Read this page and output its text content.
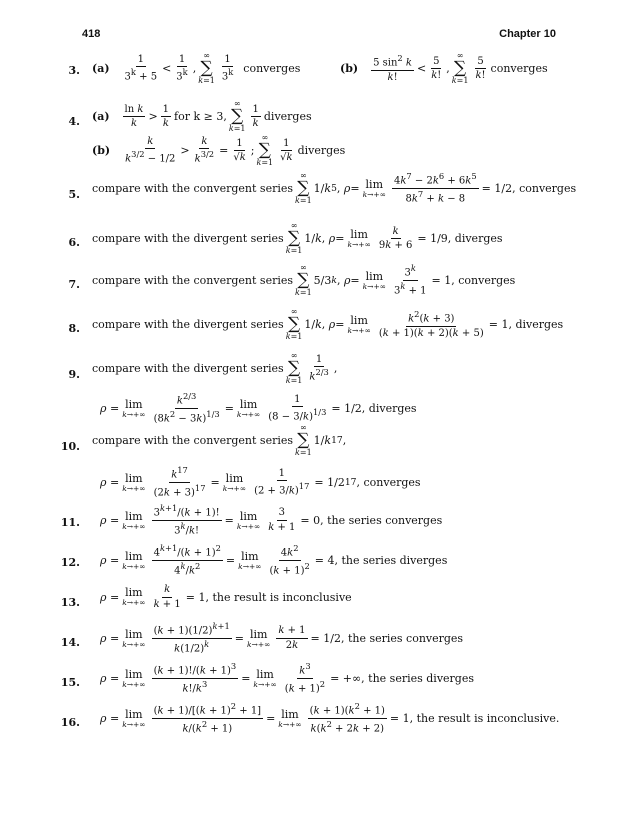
418	Chapter 10
3. $(a) \frac{1}{3^k + 5} < \frac{1}{3^k}$ ,
∞
∑
$k=1 \frac{1}{3^k}$ converges	$(b) \frac{5 \sin^2 k}{k!} < \frac{5}{k!}$ ,
∞
∑
$k=1 \frac{5}{k!}$ converges
4. $(a) \frac{\text{ln k}}{k} > \frac{1}{k}$ for k ≥ 3,
∞
∑
$k=1 \frac{1}{k}$ diverges
$(b) \frac{k}{k^{3/2} - 1/2} > \frac{k}{k^{3/2}} = \frac{1}{√k}$ ;
∞
∑
$k=1 \frac{1}{√k}$ diverges
5. compare with the convergent series
∞
∑
k=1
1/ k 5 , ρ = lim
$k\to+\infty \frac{4k^7 - 2k^6 + 6k^5}{8k^7 + k - 8} = 1/2$, converges
6. compare with the divergent series
∞
∑
k=1
1/ k , ρ = lim
$k\to+\infty \frac{k}{9k + 6} = 1/9$, diverges
7. compare with the convergent series
∞
∑
k=1
5/3 k , ρ = lim
$k\to+\infty \frac{3^k}{3^k + 1} = 1$, converges
8. compare with the divergent series
∞
∑
k=1
1/ k , ρ = lim
$k\to+\infty \frac{k^2(k + 3)}{(k + 1)(k + 2)(k + 5)} = 1$, diverges
9. compare with the divergent series
∞
∑
$k=1 \frac{1}{k^{2/3}}$ ,
ρ = lim
$k\to+\infty \frac{k^{2/3}}{(8k^2 - 3k)^{1/3}} = \lim$
$k\to+\infty \frac{1}{(8 - 3/k)^{1/3}} = 1/2$, diverges
10. compare with the convergent series
∞
∑
k=1
1/ k 17 ,
ρ = lim
$k\to+\infty \frac{k^{17}}{(2k + 3)^{17}} = \lim$
$k\to+\infty \frac{1}{(2 + 3/k)^{17}} = 1/2$ 17 , converges
11. ρ = lim
$k\to+\infty \frac{3^{k+1}/(k + 1)!}{3^k/k!} = \lim$
$k\to+\infty \frac{3}{k + 1} = 0$, the series converges
12. ρ = lim
$k\to+\infty \frac{4^{k+1}/(k + 1)^2}{4^k/k^2} = \lim$
$k\to+\infty \frac{4k^2}{(k + 1)^2} = 4$, the series diverges
13. ρ = lim
$k\to+\infty \frac{k}{k + 1} = 1$, the result is inconclusive
14. ρ = lim
$k\to+\infty \frac{(k + 1)(1/2)^{k+1}}{k(1/2)^k} = \lim$
$k\to+\infty \frac{k + 1}{2k} = 1/2$, the series converges
15. ρ = lim
$k\to+\infty \frac{(k + 1)!/(k + 1)^3}{k!/k^3} = \lim$
$k\to+\infty \frac{k^3}{(k + 1)^2}$ = +∞, the series diverges
16. ρ = lim
$k\to+\infty \frac{(k + 1)/[(k + 1)^2 + 1]}{k/(k^2 + 1)} = \lim$
$k\to+\infty \frac{(k + 1)(k^2 + 1)}{k(k^2 + 2k + 2)} = 1$, the result is inconclusive.
